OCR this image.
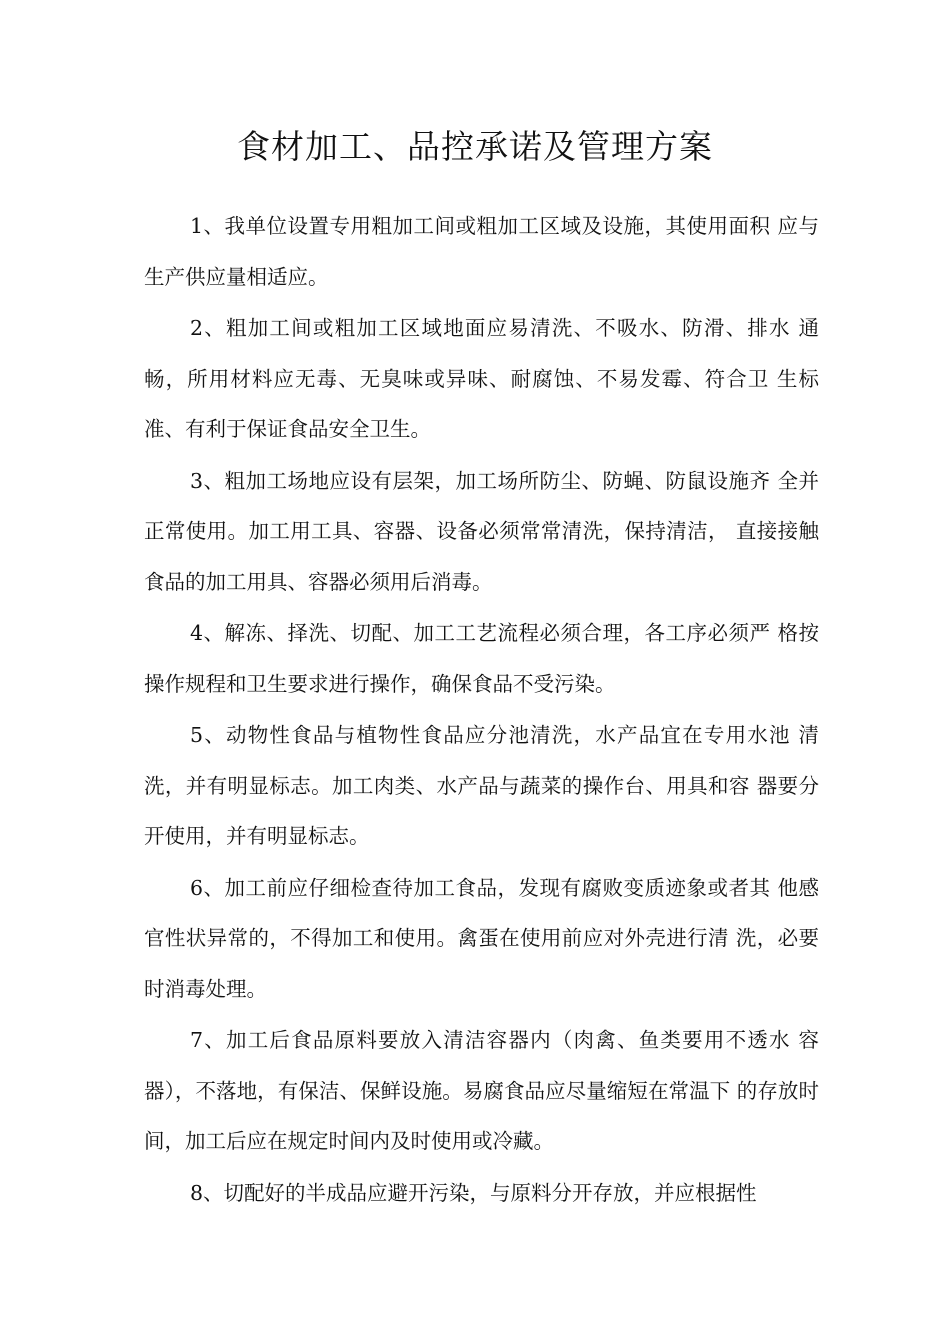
食材加工、品控承诺及管理方案

1、我单位设置专用粗加工间或粗加工区域及设施，其使用面积 应与生产供应量相适应。

2、粗加工间或粗加工区域地面应易清洗、不吸水、防滑、排水 通畅，所用材料应无毒、无臭味或异味、耐腐蚀、不易发霉、符合卫 生标准、有利于保证食品安全卫生。

3、粗加工场地应设有层架，加工场所防尘、防蝇、防鼠设施齐 全并正常使用。加工用工具、容器、设备必须常常清洗，保持清洁， 直接接触食品的加工用具、容器必须用后消毒。

4、解冻、择洗、切配、加工工艺流程必须合理，各工序必须严 格按操作规程和卫生要求进行操作，确保食品不受污染。

5、动物性食品与植物性食品应分池清洗，水产品宜在专用水池 清洗，并有明显标志。加工肉类、水产品与蔬菜的操作台、用具和容 器要分开使用，并有明显标志。

6、加工前应仔细检查待加工食品，发现有腐败变质迹象或者其 他感官性状异常的，不得加工和使用。禽蛋在使用前应对外壳进行清 洗，必要时消毒处理。

7、加工后食品原料要放入清洁容器内（肉禽、鱼类要用不透水 容器），不落地，有保洁、保鲜设施。易腐食品应尽量缩短在常温下 的存放时间，加工后应在规定时间内及时使用或冷藏。

8、切配好的半成品应避开污染，与原料分开存放，并应根据性
